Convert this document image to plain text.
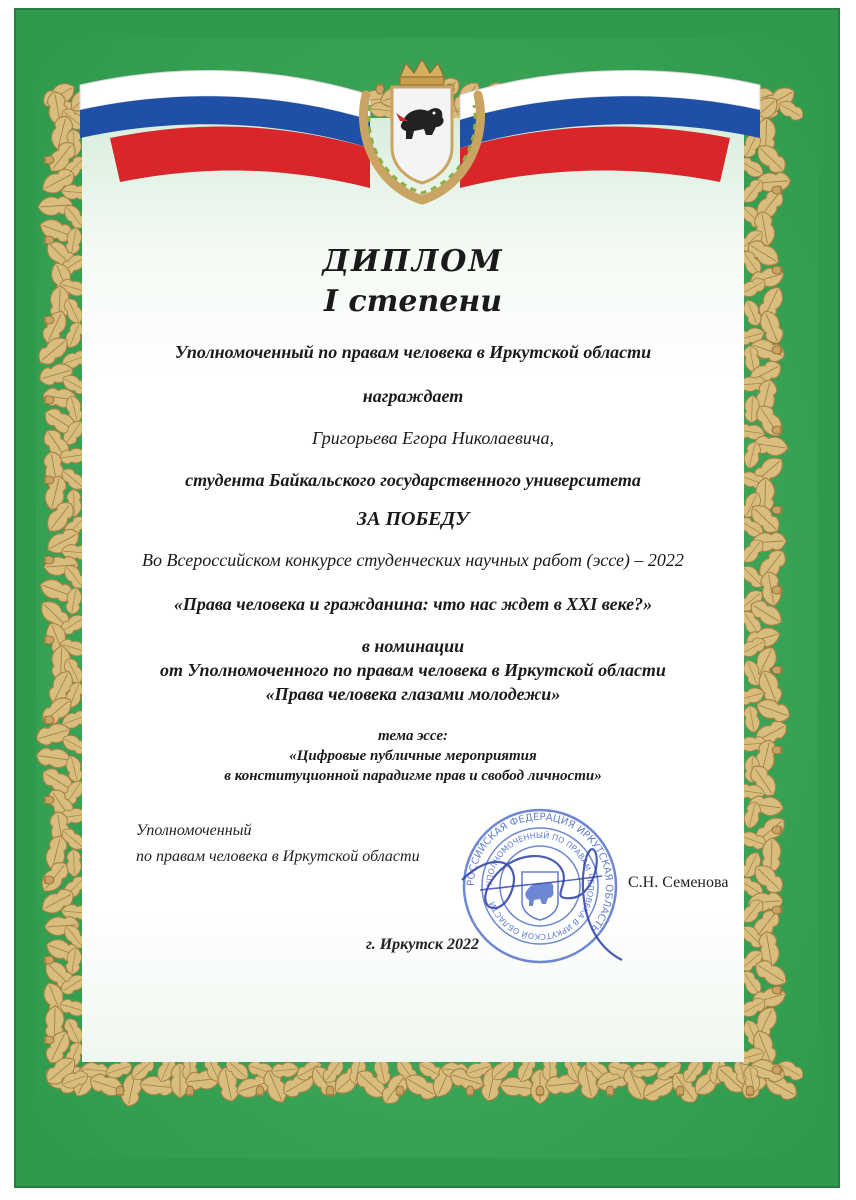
ДИПЛОМ
I степени
Уполномоченный по правам человека в Иркутской области
награждает
Григорьева Егора Николаевича,
студента Байкальского государственного университета
ЗА ПОБЕДУ
Во Всероссийском конкурсе студенческих научных работ (эссе) – 2022
«Права человека и гражданина: что нас ждет в XXI веке?»
в номинации
от Уполномоченного по правам человека в Иркутской области
«Права человека глазами молодежи»
тема эссе:
«Цифровые публичные мероприятия
в конституционной парадигме прав и свобод личности»
Уполномоченный
по правам человека в Иркутской области
РОССИЙСКАЯ ФЕДЕРАЦИЯ ИРКУТСКАЯ ОБЛАСТЬ
УПОЛНОМОЧЕННЫЙ ПО ПРАВАМ ЧЕЛОВЕКА В ИРКУТСКОЙ ОБЛАСТИ
С.Н. Семенова
г. Иркутск 2022
